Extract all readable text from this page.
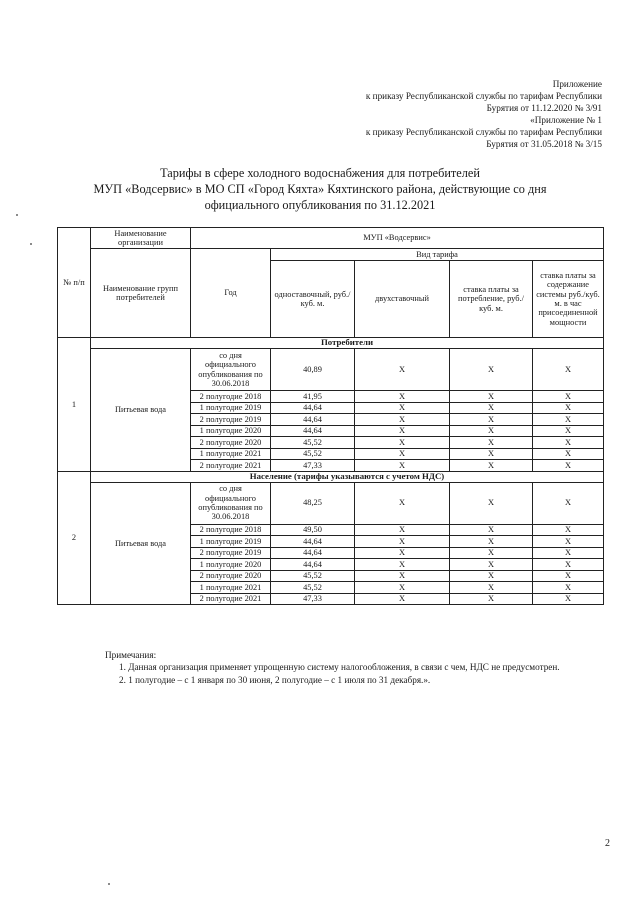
Приложение
к приказу Республиканской службы по тарифам Республики
Бурятия от 11.12.2020 № 3/91
«Приложение № 1
к приказу Республиканской службы по тарифам Республики
Бурятия от 31.05.2018 № 3/15
Тарифы в сфере холодного водоснабжения для потребителей
МУП «Водсервис» в МО СП «Город Кяхта» Кяхтинского района, действующие со дня
официального опубликования по 31.12.2021
№ п/п	Наименование организации	МУП «Водсервис»				
	Наименование групп потребителей	Год	Вид тарифа			
			одноставочный, руб./ куб. м.	двухставочный	ставка платы за потребление, руб./ куб. м.	ставка платы за содержание системы руб./куб. м. в час присоединенной мощности
1	Потребители					
	Питьевая вода	со дня официального опубликования по 30.06.2018	40,89	Х	Х	Х
		2 полугодие 2018	41,95	Х	Х	Х
		1 полугодие 2019	44,64	Х	Х	Х
		2 полугодие 2019	44,64	Х	Х	Х
		1 полугодие 2020	44,64	Х	Х	Х
		2 полугодие 2020	45,52	Х	Х	Х
		1 полугодие 2021	45,52	Х	Х	Х
		2 полугодие 2021	47,33	Х	Х	Х
2	Население (тарифы указываются с учетом НДС)					
	Питьевая вода	со дня официального опубликования по 30.06.2018	48,25	Х	Х	Х
		2 полугодие 2018	49,50	Х	Х	Х
		1 полугодие 2019	44,64	Х	Х	Х
		2 полугодие 2019	44,64	Х	Х	Х
		1 полугодие 2020	44,64	Х	Х	Х
		2 полугодие 2020	45,52	Х	Х	Х
		1 полугодие 2021	45,52	Х	Х	Х
		2 полугодие 2021	47,33	Х	Х	Х
Примечания:
1. Данная организация применяет упрощенную систему налогообложения, в связи с чем, НДС не предусмотрен.
2. 1 полугодие – с 1 января по 30 июня, 2 полугодие – с 1 июля по 31 декабря.».
2
